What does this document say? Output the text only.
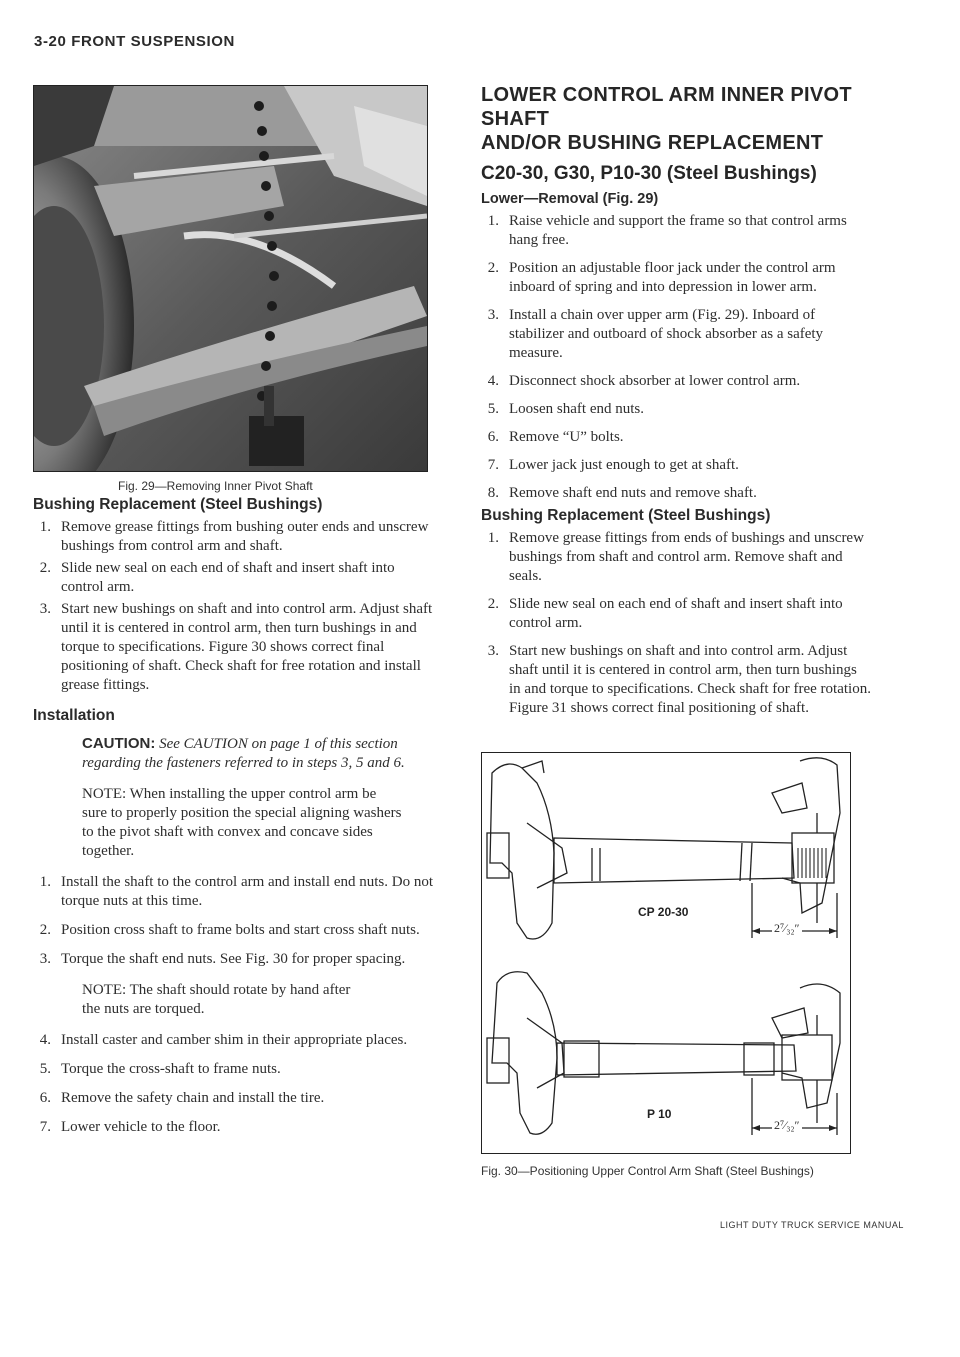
3-20 FRONT SUSPENSION
Fig. 29—Removing Inner Pivot Shaft
Bushing Replacement (Steel Bushings)
1. Remove grease fittings from bushing outer ends and unscrew bushings from control arm and shaft.
2. Slide new seal on each end of shaft and insert shaft into control arm.
3. Start new bushings on shaft and into control arm. Adjust shaft until it is centered in control arm, then turn bushings in and torque to specifications. Figure 30 shows correct final positioning of shaft. Check shaft for free rotation and install grease fittings.
Installation
CAUTION: See CAUTION on page 1 of this section regarding the fasteners referred to in steps 3, 5 and 6.
NOTE: When installing the upper control arm be sure to properly position the special aligning washers to the pivot shaft with convex and concave sides together.
1. Install the shaft to the control arm and install end nuts. Do not torque nuts at this time.
2. Position cross shaft to frame bolts and start cross shaft nuts.
3. Torque the shaft end nuts. See Fig. 30 for proper spacing.
NOTE: The shaft should rotate by hand after the nuts are torqued.
4. Install caster and camber shim in their appropriate places.
5. Torque the cross-shaft to frame nuts.
6. Remove the safety chain and install the tire.
7. Lower vehicle to the floor.
LOWER CONTROL ARM INNER PIVOT
SHAFT
AND/OR BUSHING REPLACEMENT
C20-30, G30, P10-30 (Steel Bushings)
Lower—Removal (Fig. 29)
1. Raise vehicle and support the frame so that control arms hang free.
2. Position an adjustable floor jack under the control arm inboard of spring and into depression in lower arm.
3. Install a chain over upper arm (Fig. 29). Inboard of stabilizer and outboard of shock absorber as a safety measure.
4. Disconnect shock absorber at lower control arm.
5. Loosen shaft end nuts.
6. Remove “U” bolts.
7. Lower jack just enough to get at shaft.
8. Remove shaft end nuts and remove shaft.
Bushing Replacement (Steel Bushings)
1. Remove grease fittings from ends of bushings and unscrew bushings from shaft and control arm. Remove shaft and seals.
2. Slide new seal on each end of shaft and insert shaft into control arm.
3. Start new bushings on shaft and into control arm. Adjust shaft until it is centered in control arm, then turn bushings in and torque to specifications. Check shaft for free rotation. Figure 31 shows correct final positioning of shaft.
CP 20-30
2⁷⁄₃₂″
P 10
2⁷⁄₃₂″
Fig. 30—Positioning Upper Control Arm Shaft (Steel Bushings)
LIGHT DUTY TRUCK SERVICE MANUAL
